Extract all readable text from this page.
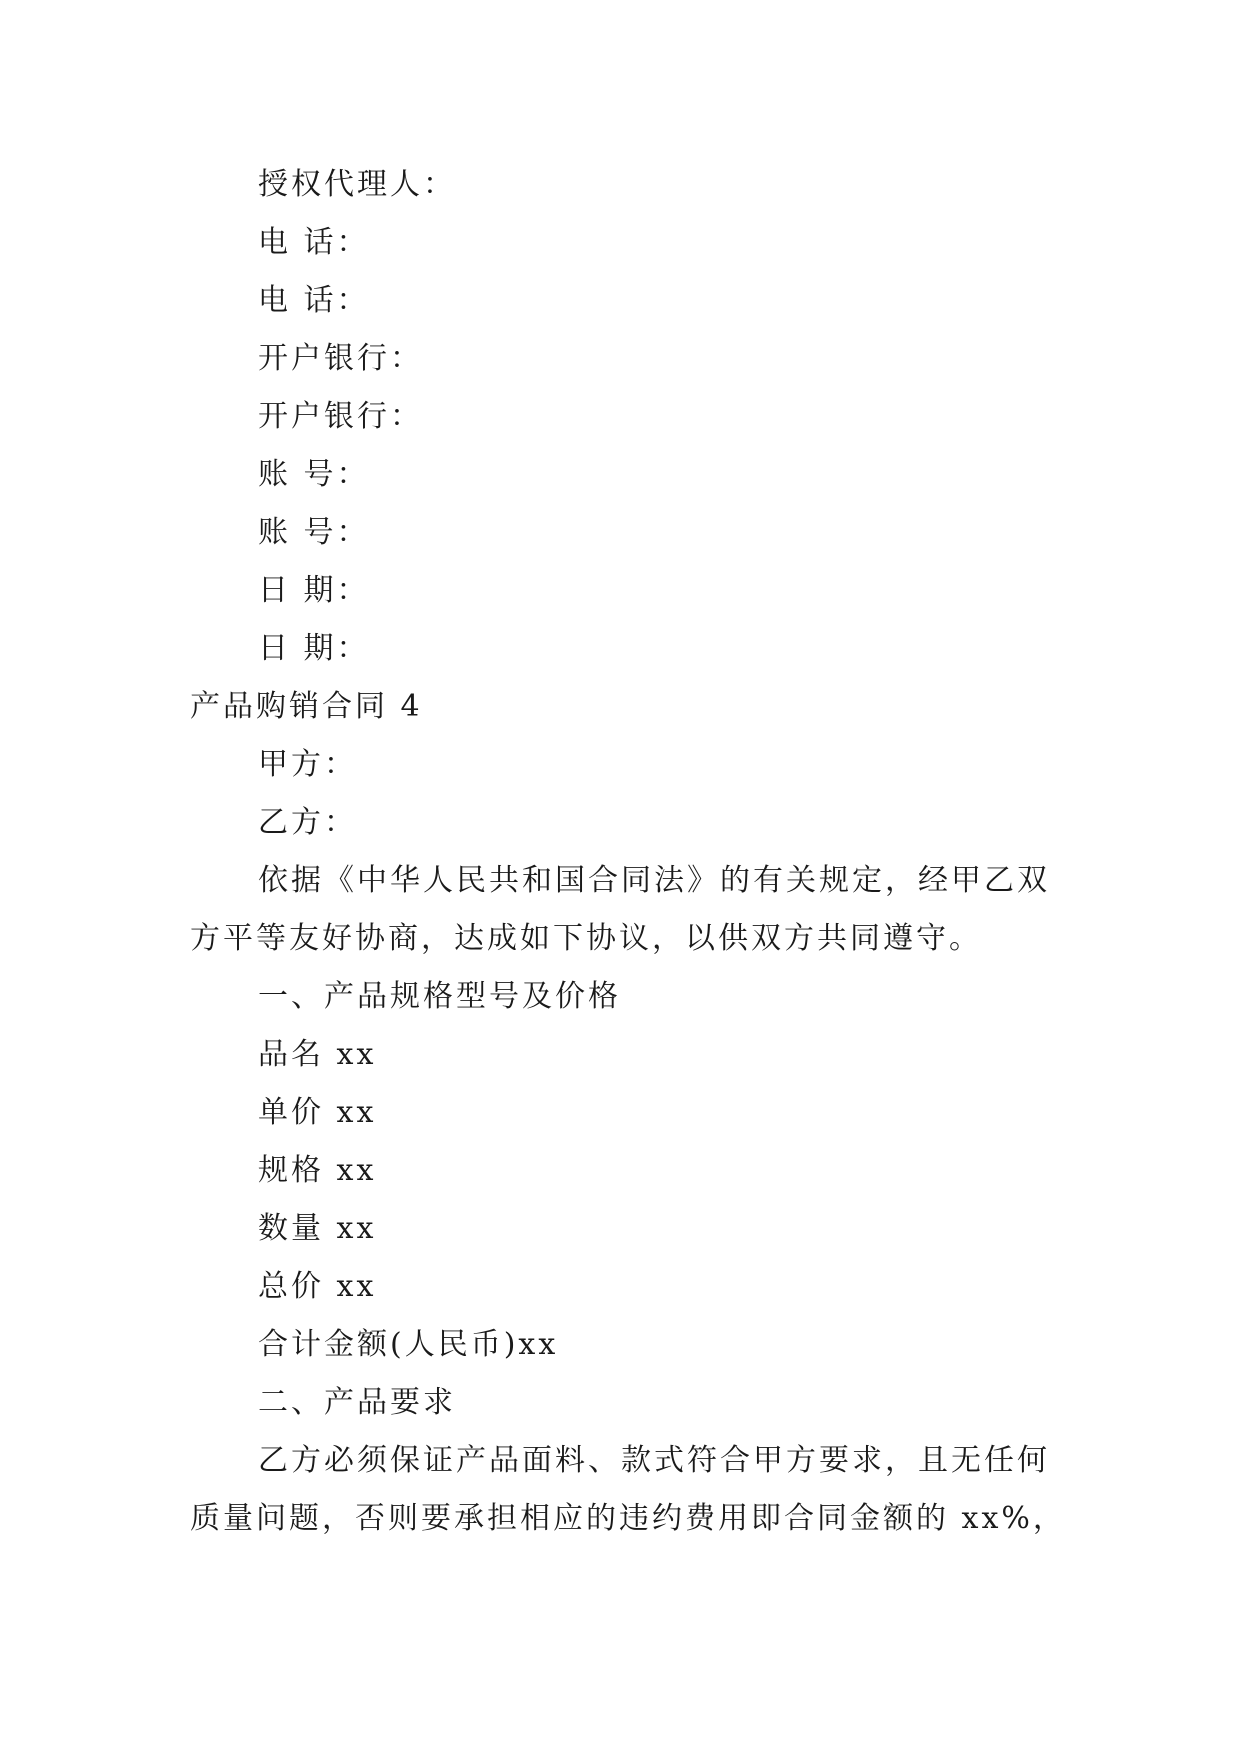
授权代理人：
电 话：
电 话：
开户银行：
开户银行：
账 号：
账 号：
日 期：
日 期：
产品购销合同 4
甲方：
乙方：
依据《中华人民共和国合同法》的有关规定，经甲乙双
方平等友好协商，达成如下协议，以供双方共同遵守。
一、产品规格型号及价格
品名 xx
单价 xx
规格 xx
数量 xx
总价 xx
合计金额(人民币)xx
二、产品要求
乙方必须保证产品面料、款式符合甲方要求，且无任何
质量问题，否则要承担相应的违约费用即合同金额的 xx%，
